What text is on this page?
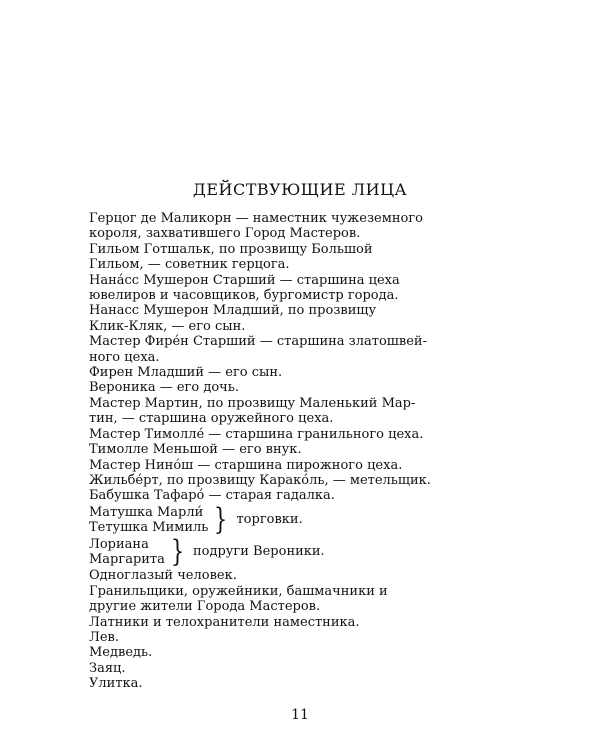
ДЕЙСТВУЮЩИЕ ЛИЦА
Герцог де Маликорн — наместник чужеземного
короля, захватившего Город Мастеров.
Гильом Готшальк, по прозвищу Большой
Гильом, — советник герцога.
Нана́сс Мушерон Старший — старшина цеха
ювелиров и часовщиков, бургомистр города.
Нанасс Мушерон Младший, по прозвищу
Клик-Кляк, — его сын.
Мастер Фире́н Старший — старшина златошвей-
ного цеха.
Фирен Младший — его сын.
Вероника — его дочь.
Мастер Мартин, по прозвищу Маленький Мар-
тин, — старшина оружейного цеха.
Мастер Тимолле́ — старшина гранильного цеха.
Тимолле Меньшой — его внук.
Мастер Нино́ш — старшина пирожного цеха.
Жильбе́рт, по прозвищу Карако́ль, — метельщик.
Бабушка Тафаро́ — старая гадалка.
Матушка Марли́
Тетушка Мимиль } торговки.
Лориана
Маргарита } подруги Вероники.
Одноглазый человек.
Гранильщики, оружейники, башмачники и
другие жители Города Мастеров.
Латники и телохранители наместника.
Лев.
Медведь.
Заяц.
Улитка.
11
